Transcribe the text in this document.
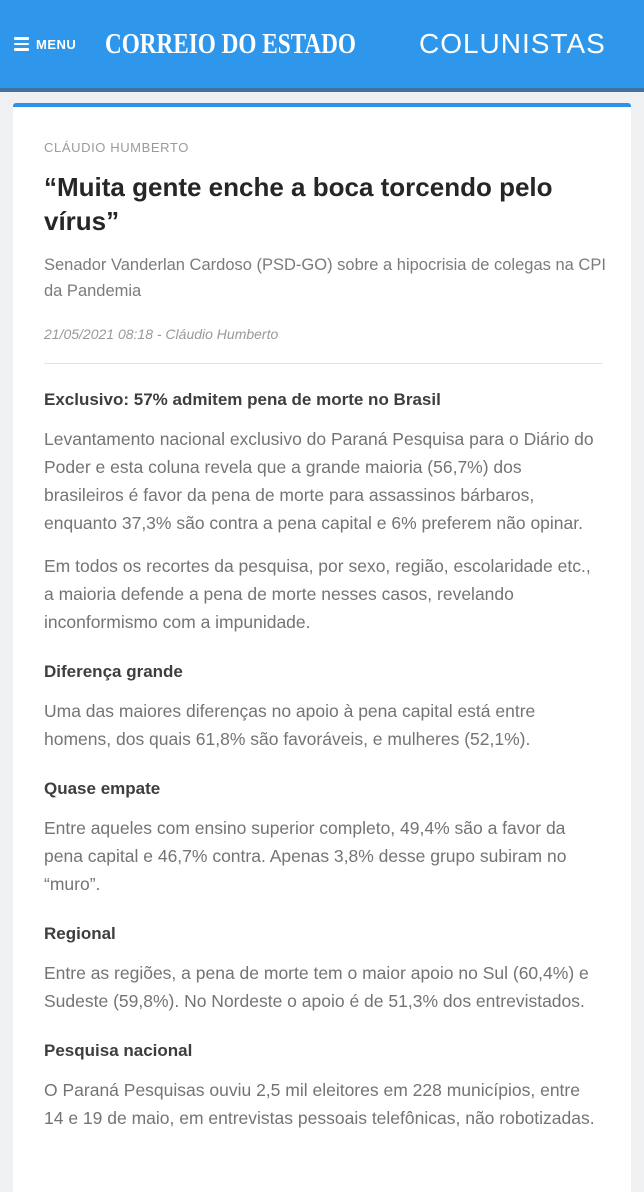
MENU CORREIO DO ESTADO COLUNISTAS
CLÁUDIO HUMBERTO
“Muita gente enche a boca torcendo pelo vírus”

Senador Vanderlan Cardoso (PSD-GO) sobre a hipocrisia de colegas na CPI da Pandemia

21/05/2021 08:18 - Cláudio Humberto
Exclusivo: 57% admitem pena de morte no Brasil

Levantamento nacional exclusivo do Paraná Pesquisa para o Diário do Poder e esta coluna revela que a grande maioria (56,7%) dos brasileiros é favor da pena de morte para assassinos bárbaros, enquanto 37,3% são contra a pena capital e 6% preferem não opinar.

Em todos os recortes da pesquisa, por sexo, região, escolaridade etc., a maioria defende a pena de morte nesses casos, revelando inconformismo com a impunidade.

Diferença grande

Uma das maiores diferenças no apoio à pena capital está entre homens, dos quais 61,8% são favoráveis, e mulheres (52,1%).

Quase empate

Entre aqueles com ensino superior completo, 49,4% são a favor da pena capital e 46,7% contra. Apenas 3,8% desse grupo subiram no “muro”.

Regional

Entre as regiões, a pena de morte tem o maior apoio no Sul (60,4%) e Sudeste (59,8%). No Nordeste o apoio é de 51,3% dos entrevistados.

Pesquisa nacional

O Paraná Pesquisas ouviu 2,5 mil eleitores em 228 municípios, entre 14 e 19 de maio, em entrevistas pessoais telefônicas, não robotizadas.
